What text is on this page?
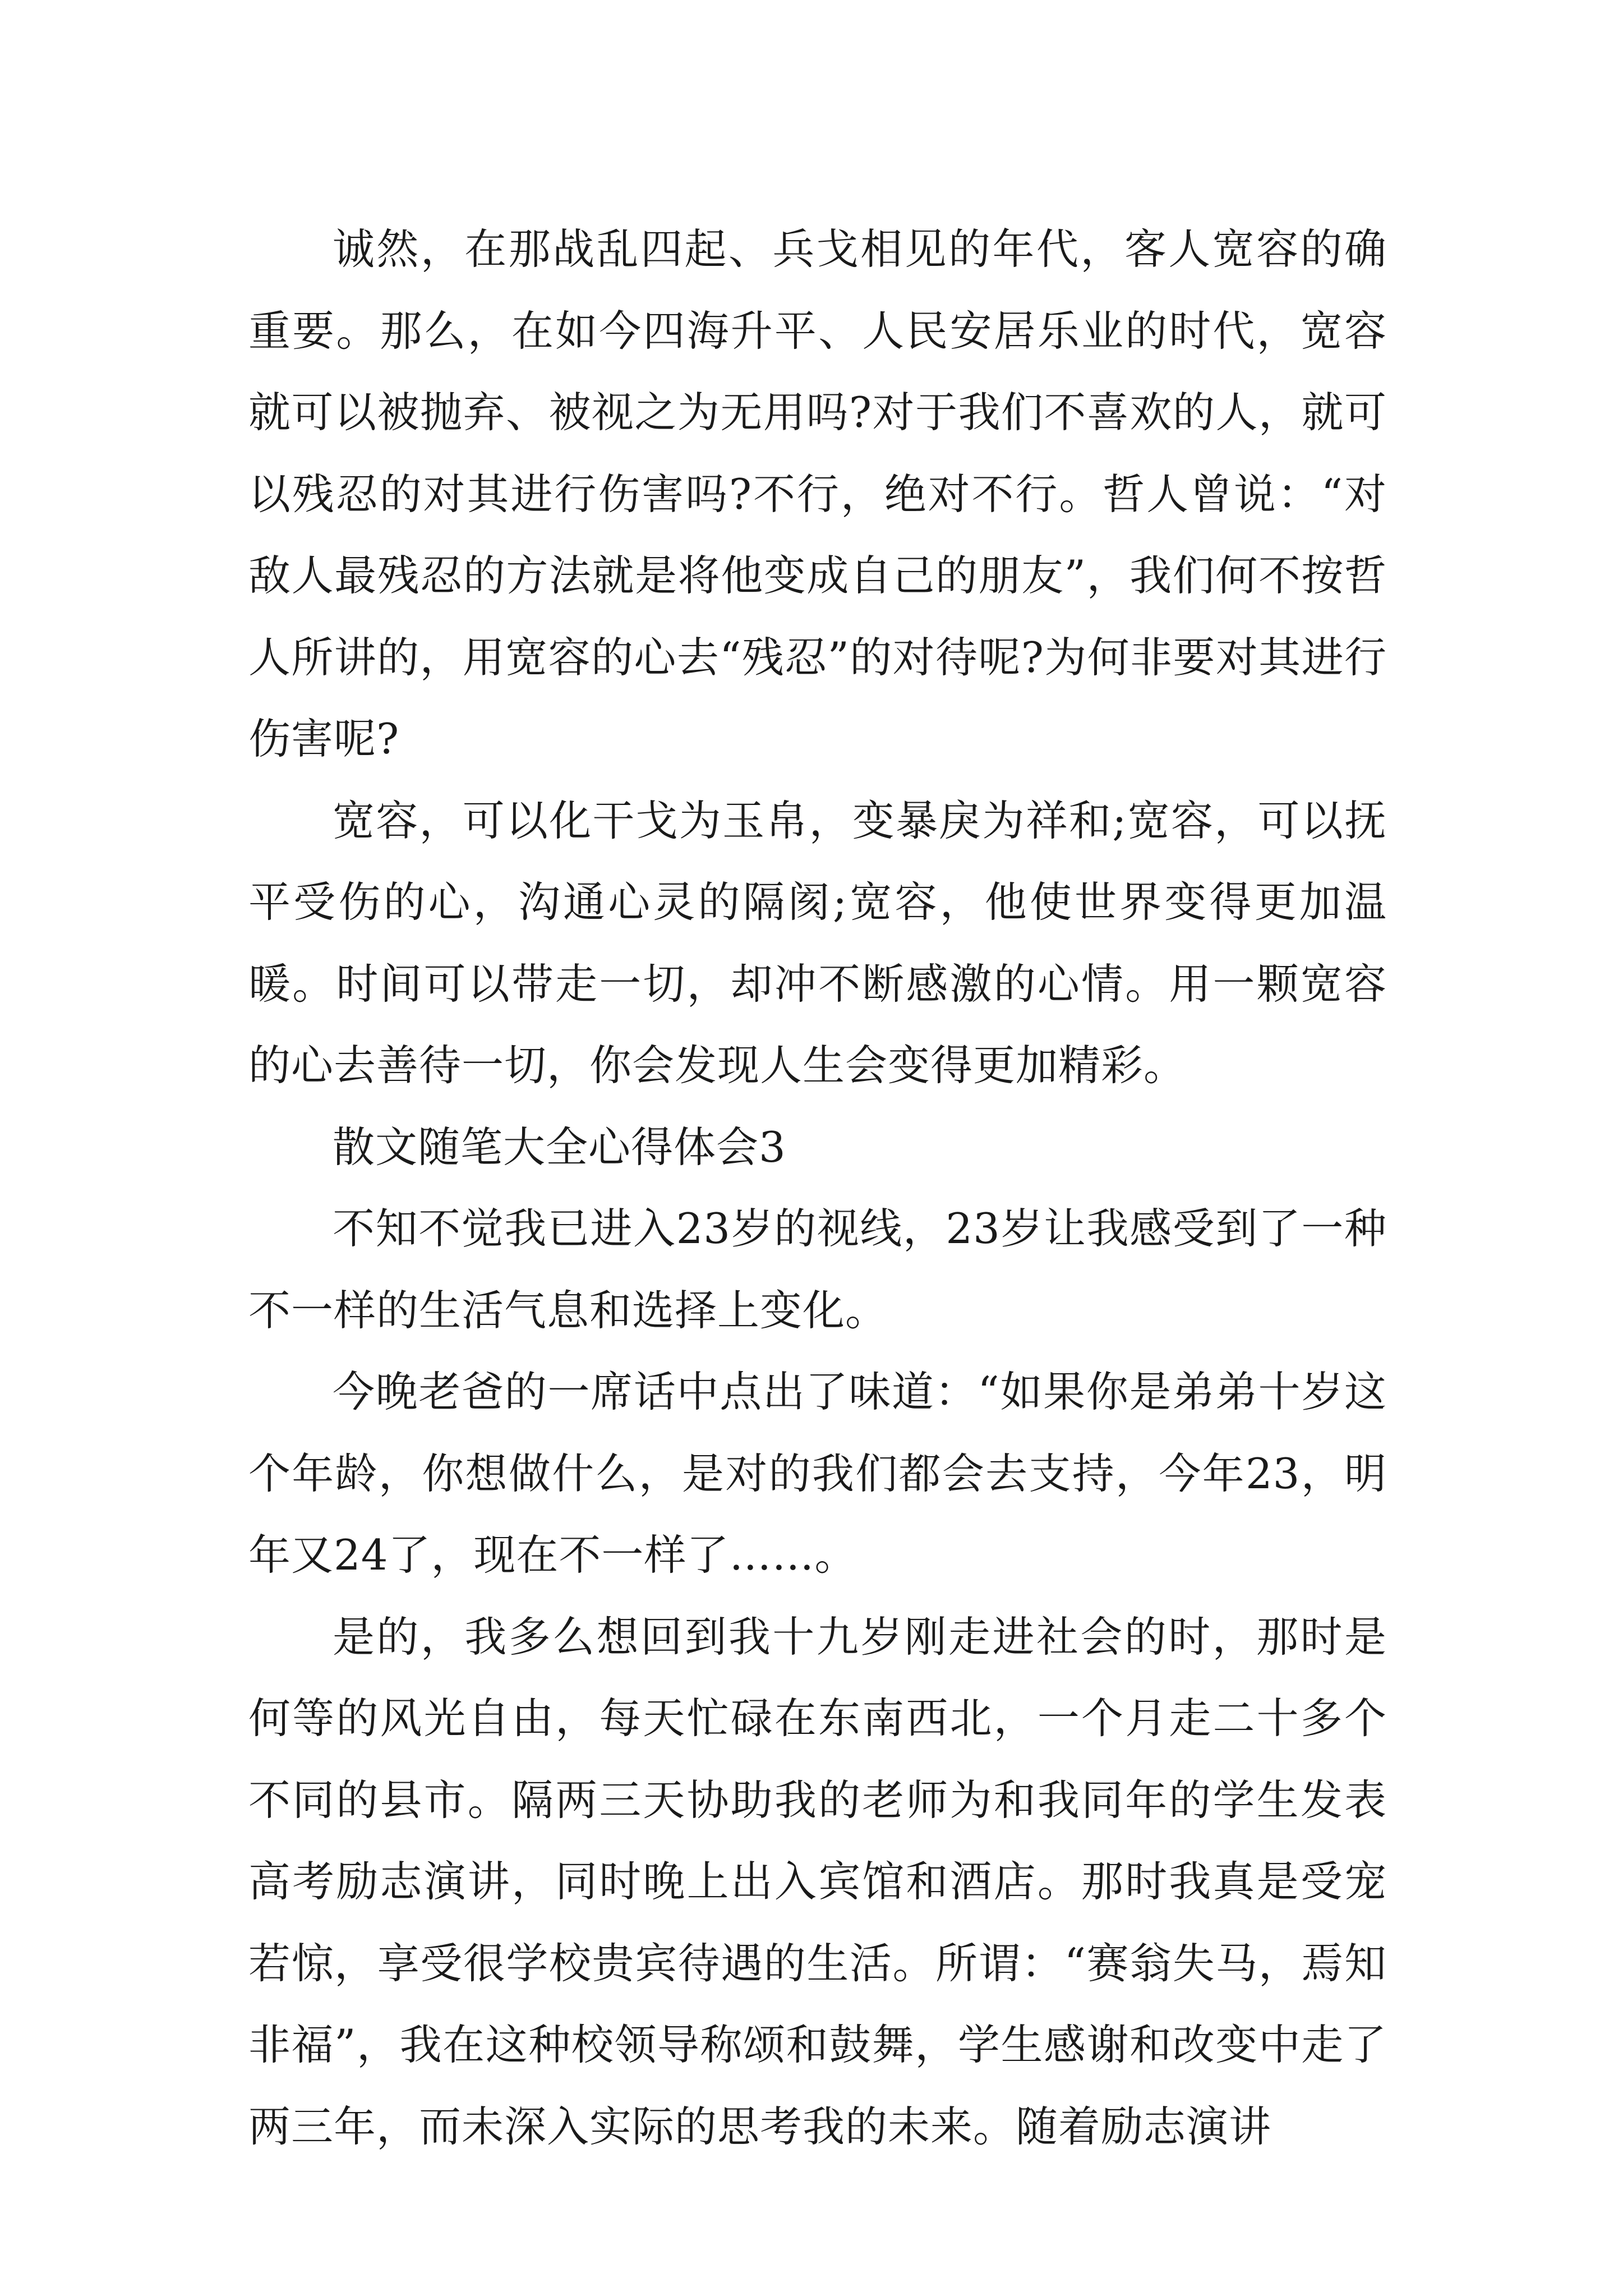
诚然，在那战乱四起、兵戈相见的年代，客人宽容的确重要。那么，在如今四海升平、人民安居乐业的时代，宽容就可以被抛弃、被视之为无用吗?对于我们不喜欢的人，就可以残忍的对其进行伤害吗?不行，绝对不行。哲人曾说：“对敌人最残忍的方法就是将他变成自己的朋友”，我们何不按哲人所讲的，用宽容的心去“残忍”的对待呢?为何非要对其进行伤害呢?

宽容，可以化干戈为玉帛，变暴戾为祥和;宽容，可以抚平受伤的心，沟通心灵的隔阂;宽容，他使世界变得更加温暖。时间可以带走一切，却冲不断感激的心情。用一颗宽容的心去善待一切，你会发现人生会变得更加精彩。

散文随笔大全心得体会3

不知不觉我已进入23岁的视线，23岁让我感受到了一种不一样的生活气息和选择上变化。

今晚老爸的一席话中点出了味道：“如果你是弟弟十岁这个年龄，你想做什么，是对的我们都会去支持，今年23，明年又24了，现在不一样了……。

是的，我多么想回到我十九岁刚走进社会的时，那时是何等的风光自由，每天忙碌在东南西北，一个月走二十多个不同的县市。隔两三天协助我的老师为和我同年的学生发表高考励志演讲，同时晚上出入宾馆和酒店。那时我真是受宠若惊，享受很学校贵宾待遇的生活。所谓：“赛翁失马，焉知非福”，我在这种校领导称颂和鼓舞，学生感谢和改变中走了两三年，而未深入实际的思考我的未来。随着励志演讲
